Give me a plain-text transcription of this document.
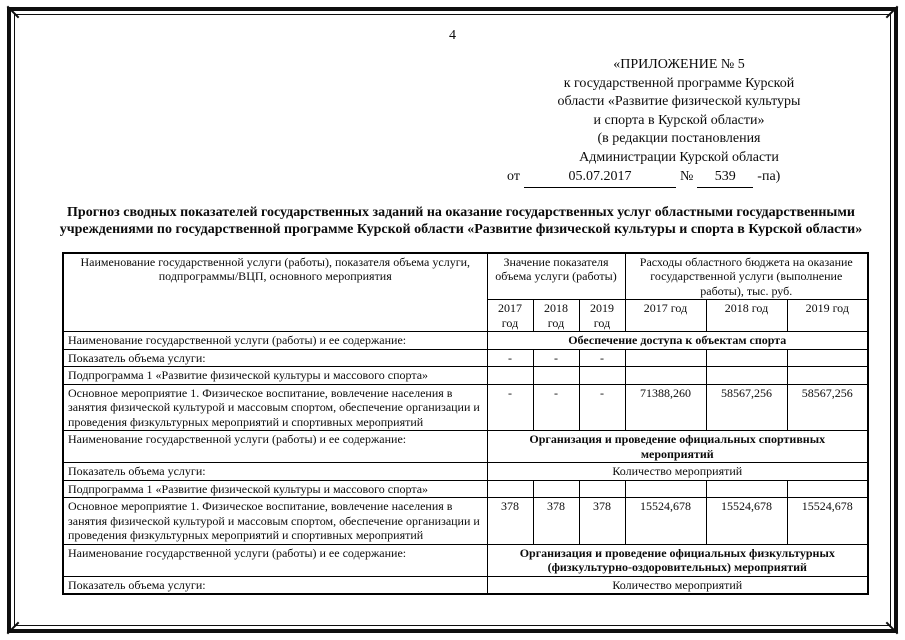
4
«ПРИЛОЖЕНИЕ № 5
к государственной программе Курской
области «Развитие физической культуры
и спорта в Курской области»
(в редакции постановления
Администрации Курской области
от	05.07.2017	№ 539 -па)
Прогноз сводных показателей государственных заданий на оказание государственных услуг областными государственными учреждениями по государственной программе Курской области «Развитие физической культуры и спорта в Курской области»
Наименование государственной услуги (работы), показателя объема услуги, подпрограммы/ВЦП, основного мероприятия	Значение показателя объема услуги (работы)			Расходы областного бюджета на оказание государственной услуги (выполнение работы), тыс. руб.		
	2017 год	2018 год	2019 год	2017 год	2018 год	2019 год
Наименование государственной услуги (работы) и ее содержание:	Обеспечение доступа к объектам спорта					
Показатель объема услуги:	-	-	-			
Подпрограмма 1 «Развитие физической культуры и массового спорта»						
Основное мероприятие 1. Физическое воспитание, вовлечение населения в занятия физической культурой и массовым спортом, обеспечение организации и проведения физкультурных мероприятий и спортивных мероприятий	-	-	-	71388,260	58567,256	58567,256
Наименование государственной услуги (работы) и ее содержание:	Организация и проведение официальных спортивных мероприятий					
Показатель объема услуги:	Количество мероприятий					
Подпрограмма 1 «Развитие физической культуры и массового спорта»						
Основное мероприятие 1. Физическое воспитание, вовлечение населения в занятия физической культурой и массовым спортом, обеспечение организации и проведения физкультурных мероприятий и спортивных мероприятий	378	378	378	15524,678	15524,678	15524,678
Наименование государственной услуги (работы) и ее содержание:	Организация и проведение официальных физкультурных (физкультурно-оздоровительных) мероприятий					
Показатель объема услуги:	Количество мероприятий					
